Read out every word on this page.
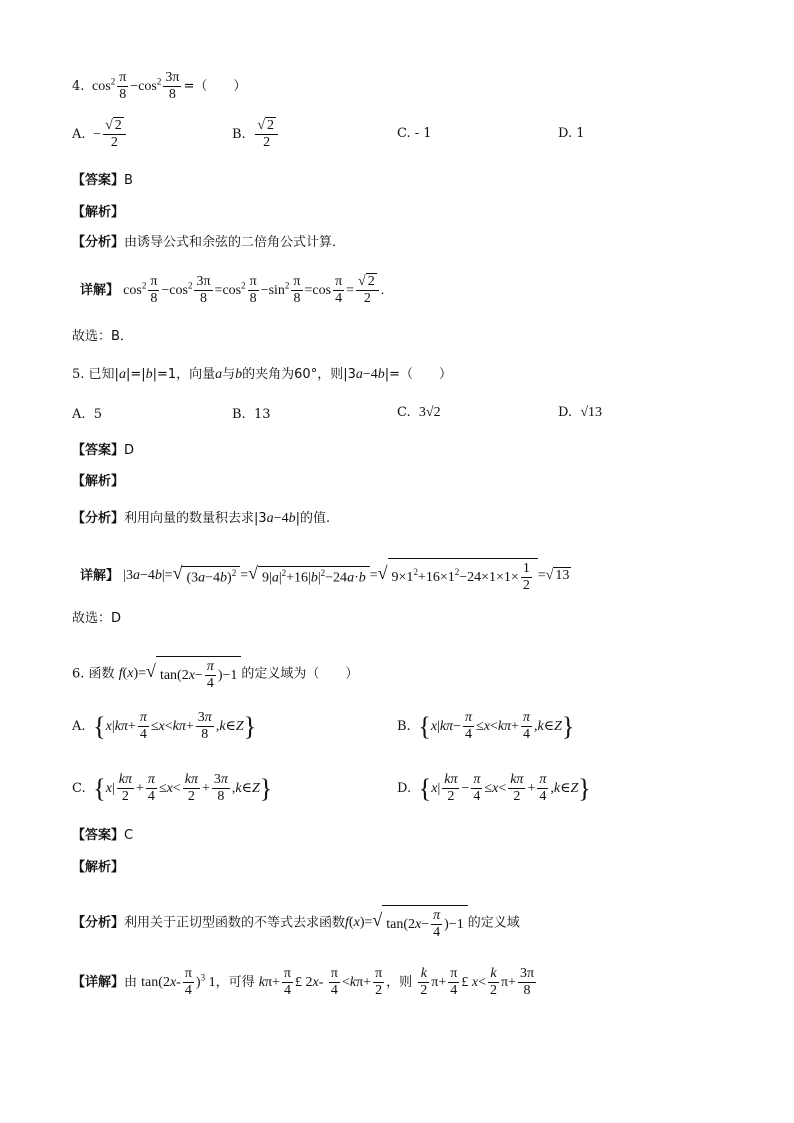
4.  $\cos^2 \frac{\pi}{8} -\cos^2 \frac{3\pi}{8}$ =（　　）
A.  − $\frac{√ 2}{2}$	B. $\frac{√ 2}{2}$	C. - 1	D. 1
【答案】B
【解析】
【分析】由诱导公式和余弦的二倍角公式计算．
详解】 $\cos^2 \frac{\pi}{8} -\cos^2 \frac{3\pi}{8} =\cos^2 \frac{\pi}{8} -\sin^2 \frac{\pi}{8} =\cos \frac{\pi}{4} = \frac{√ 2}{2}$ .
故选：B．
5. 已知|a|=|b|=1，向量a与b的夹角为60°，则|3a−4b|=（　　）
A. 5	B. 13	C. 3√2	D. √13
【答案】D
【解析】
【分析】利用向量的数量积去求|3a−4b|的值.
详解】 |3a−4b|=√ $(3a-4b)^2$ =√ $9|a|^2+16|b|^2-24a\cdot b$ =√ $9\times 1^2+16\times 1^2-24\times 1\times 1\times \frac{1}{2}$ =√ 13
故选：D
6. 函数 f(x)=√ $\tan(2x- \frac{\pi}{4} )-1$ 的定义域为（　　）
A. {$x|k\pi+ \frac{\pi}{4} \le x<k\pi+ \frac{3\pi}{8}$ ,k∈Z}	B. {$x|k\pi- \frac{\pi}{4} \le x<k\pi+ \frac{\pi}{4}$ ,k∈Z}
C. {$x| \frac{k\pi}{2} + \frac{\pi}{4} \le x< \frac{k\pi}{2} + \frac{3\pi}{8}$ ,k∈Z}	D. {$x| \frac{k\pi}{2} - \frac{\pi}{4} \le x< \frac{k\pi}{2} + \frac{\pi}{4}$ ,k∈Z}
【答案】C
【解析】
【分析】利用关于正切型函数的不等式去求函数f(x)=√ $\tan(2x- \frac{\pi}{4} )-1$ 的定义域
【详解】由 $\tan(2x- \frac{\pi}{4} )^3$ 1，可得 $k\pi+ \frac{\pi}{4}$ £ $2x- \frac{\pi}{4} <k\pi+ \frac{\pi}{2}$ ，则 $\frac{k}{2} \pi+ \frac{\pi}{4}$ £ $x< \frac{k}{2} \pi+ \frac{3\pi}{8}$
